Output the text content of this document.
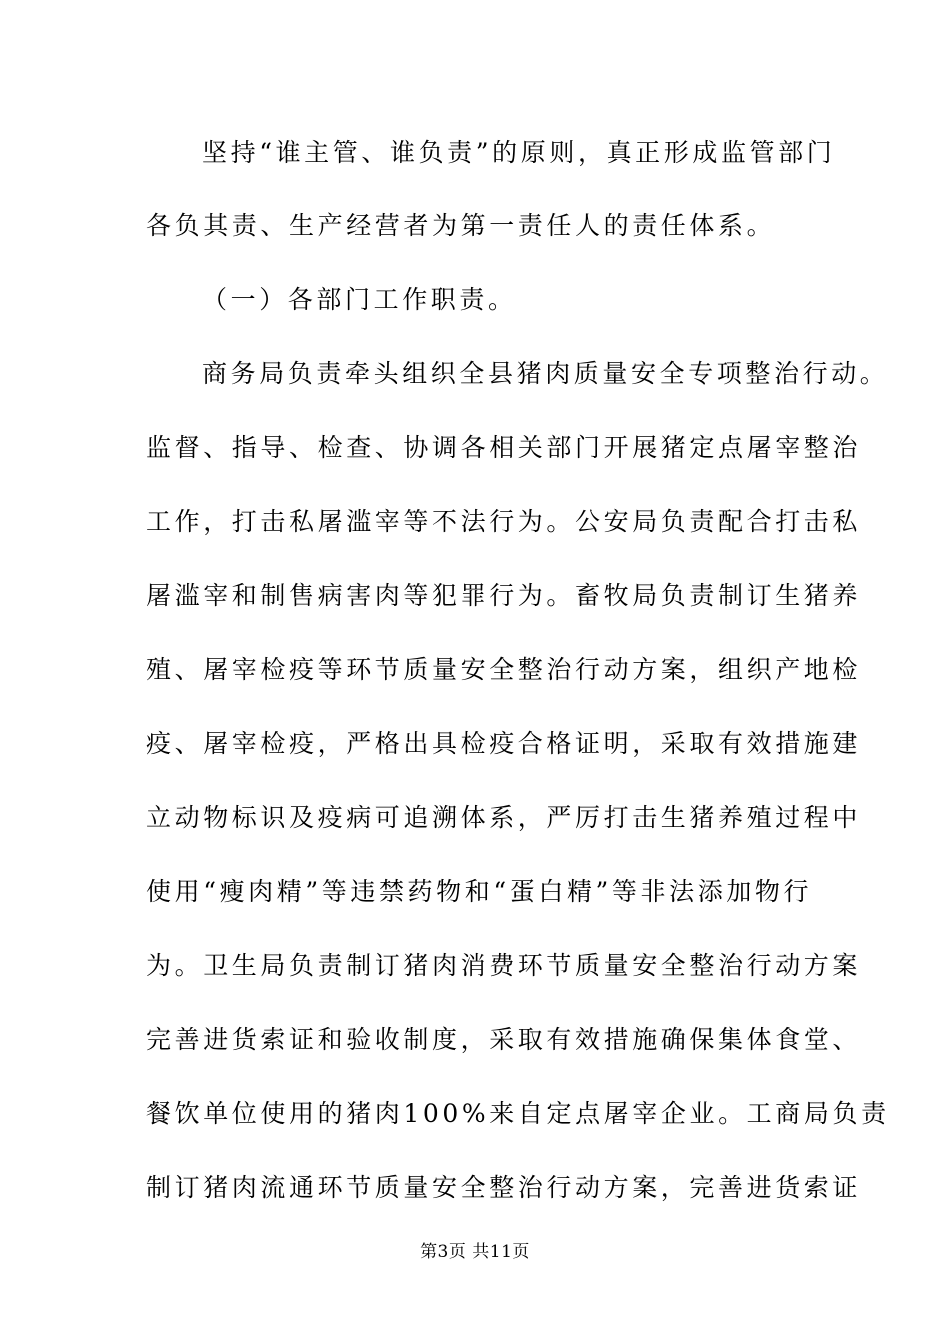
坚持“谁主管、谁负责”的原则，真正形成监管部门
各负其责、生产经营者为第一责任人的责任体系。
（一）各部门工作职责。
商务局负责牵头组织全县猪肉质量安全专项整治行动。
监督、指导、检查、协调各相关部门开展猪定点屠宰整治
工作，打击私屠滥宰等不法行为。公安局负责配合打击私
屠滥宰和制售病害肉等犯罪行为。畜牧局负责制订生猪养
殖、屠宰检疫等环节质量安全整治行动方案，组织产地检
疫、屠宰检疫，严格出具检疫合格证明，采取有效措施建
立动物标识及疫病可追溯体系，严厉打击生猪养殖过程中
使用“瘦肉精”等违禁药物和“蛋白精”等非法添加物行
为。卫生局负责制订猪肉消费环节质量安全整治行动方案
完善进货索证和验收制度，采取有效措施确保集体食堂、
餐饮单位使用的猪肉100%来自定点屠宰企业。工商局负责
制订猪肉流通环节质量安全整治行动方案，完善进货索证
第3页 共11页
